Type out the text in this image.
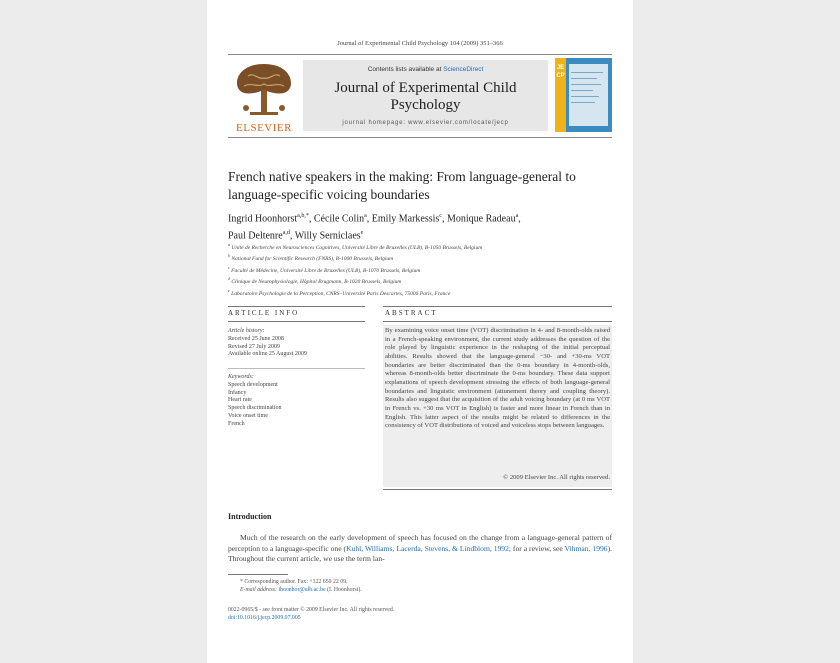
Journal of Experimental Child Psychology 104 (2009) 351–366
ELSEVIER
Contents lists available at ScienceDirect
Journal of Experimental Child Psychology
journal homepage: www.elsevier.com/locate/jecp
JECP
French native speakers in the making: From language-general to language-specific voicing boundaries
Ingrid Hoonhorst$^{a,b,*}$, Cécile Colin$^a$, Emily Markessis$^c$, Monique Radeau$^a$,
Paul Deltenre$^{a,d}$, Willy Serniclaes$^e$
$^a$ Unité de Recherche en Neurosciences Cognitives, Université Libre de Bruxelles (ULB), B-1050 Brussels, Belgium
$^b$ National Fund for Scientific Research (FNRS), B-1000 Brussels, Belgium
$^c$ Faculté de Médecine, Université Libre de Bruxelles (ULB), B-1070 Brussels, Belgium
$^d$ Clinique de Neurophysiologie, Hôpital Brugmann, B-1020 Brussels, Belgium
$^e$ Laboratoire Psychologie de la Perception, CNRS–Université Paris Descartes, 75006 Paris, France
ARTICLE INFO	ABSTRACT
Article history:
Received 25 June 2008
Revised 27 July 2009
Available online 25 August 2009
Keywords:
Speech development
Infancy
Heart rate
Speech discrimination
Voice onset time
French
By examining voice onset time (VOT) discrimination in 4- and 8-month-olds raised in a French-speaking environment, the current study addresses the question of the role played by linguistic experience in the reshaping of the initial perceptual abilities. Results showed that the language-general −30- and +30-ms VOT boundaries are better discriminated than the 0-ms boundary in 4-month-olds, whereas 8-month-olds better discriminate the 0-ms boundary. These data support explanations of speech development stressing the effects of both language-general boundaries and linguistic environment (attunement theory and coupling theory). Results also suggest that the acquisition of the adult voicing boundary (at 0 ms VOT in French vs. +30 ms VOT in English) is faster and more linear in French than in English. This latter aspect of the results might be related to differences in the consistency of VOT distributions of voiced and voiceless stops between languages.
© 2009 Elsevier Inc. All rights reserved.
Introduction
Much of the research on the early development of speech has focused on the change from a language-general pattern of perception to a language-specific one (Kuhl, Williams, Lacerda, Stevens, & Lindblom, 1992; for a review, see Vihman, 1996). Throughout the current article, we use the term lan-
* Corresponding author. Fax: +322 650 22 09.
E-mail address: ihoonhor@ulb.ac.be (I. Hoonhorst).
0022-0965/$ - see front matter © 2009 Elsevier Inc. All rights reserved.
doi:10.1016/j.jecp.2009.07.005
